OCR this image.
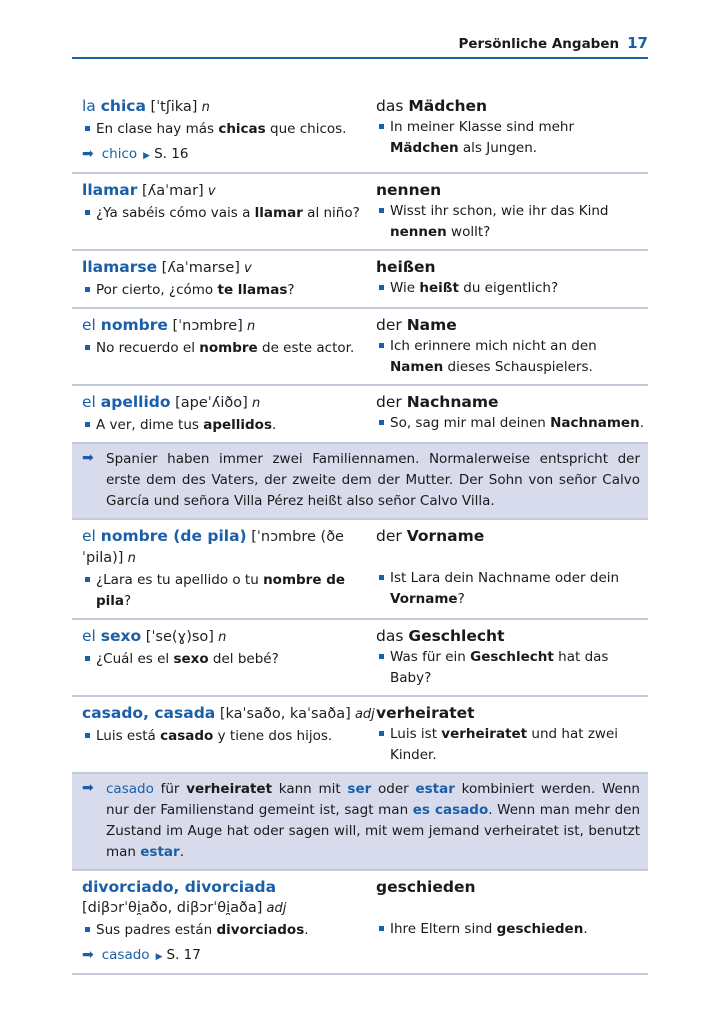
Persönliche Angaben 17
la chica [ˈtʃika] n
En clase hay más chicas que chicos.
➡ chico ▶ S. 16
das Mädchen
In meiner Klasse sind mehr Mädchen als Jungen.
llamar [ʎaˈmar] v
¿Ya sabéis cómo vais a llamar al niño?
nennen
Wisst ihr schon, wie ihr das Kind nennen wollt?
llamarse [ʎaˈmarse] v
Por cierto, ¿cómo te llamas?
heißen
Wie heißt du eigentlich?
el nombre [ˈnɔmbre] n
No recuerdo el nombre de este actor.
der Name
Ich erinnere mich nicht an den Namen dieses Schauspielers.
el apellido [apeˈʎiðo] n
A ver, dime tus apellidos.
der Nachname
So, sag mir mal deinen Nachnamen.
➡ Spanier haben immer zwei Familiennamen. Normalerweise entspricht der erste dem des Vaters, der zweite dem der Mutter. Der Sohn von señor Calvo García und señora Villa Pérez heißt also señor Calvo Villa.
el nombre (de pila) [ˈnɔmbre (ðe ˈpila)] n
¿Lara es tu apellido o tu nombre de pila?
der Vorname
Ist Lara dein Nachname oder dein Vorname?
el sexo [ˈse(ɣ)so] n
¿Cuál es el sexo del bebé?
das Geschlecht
Was für ein Geschlecht hat das Baby?
casado, casada [kaˈsaðo, kaˈsaða] adj
Luis está casado y tiene dos hijos.
verheiratet
Luis ist verheiratet und hat zwei Kinder.
➡ casado für verheiratet kann mit ser oder estar kombiniert werden. Wenn nur der Familienstand gemeint ist, sagt man es casado. Wenn man mehr den Zustand im Auge hat oder sagen will, mit wem jemand verheiratet ist, benutzt man estar.
divorciado, divorciada
[diβɔrˈθi̯aðo, diβɔrˈθi̯aða] adj
Sus padres están divorciados.
➡ casado ▶ S. 17
geschieden
Ihre Eltern sind geschieden.
